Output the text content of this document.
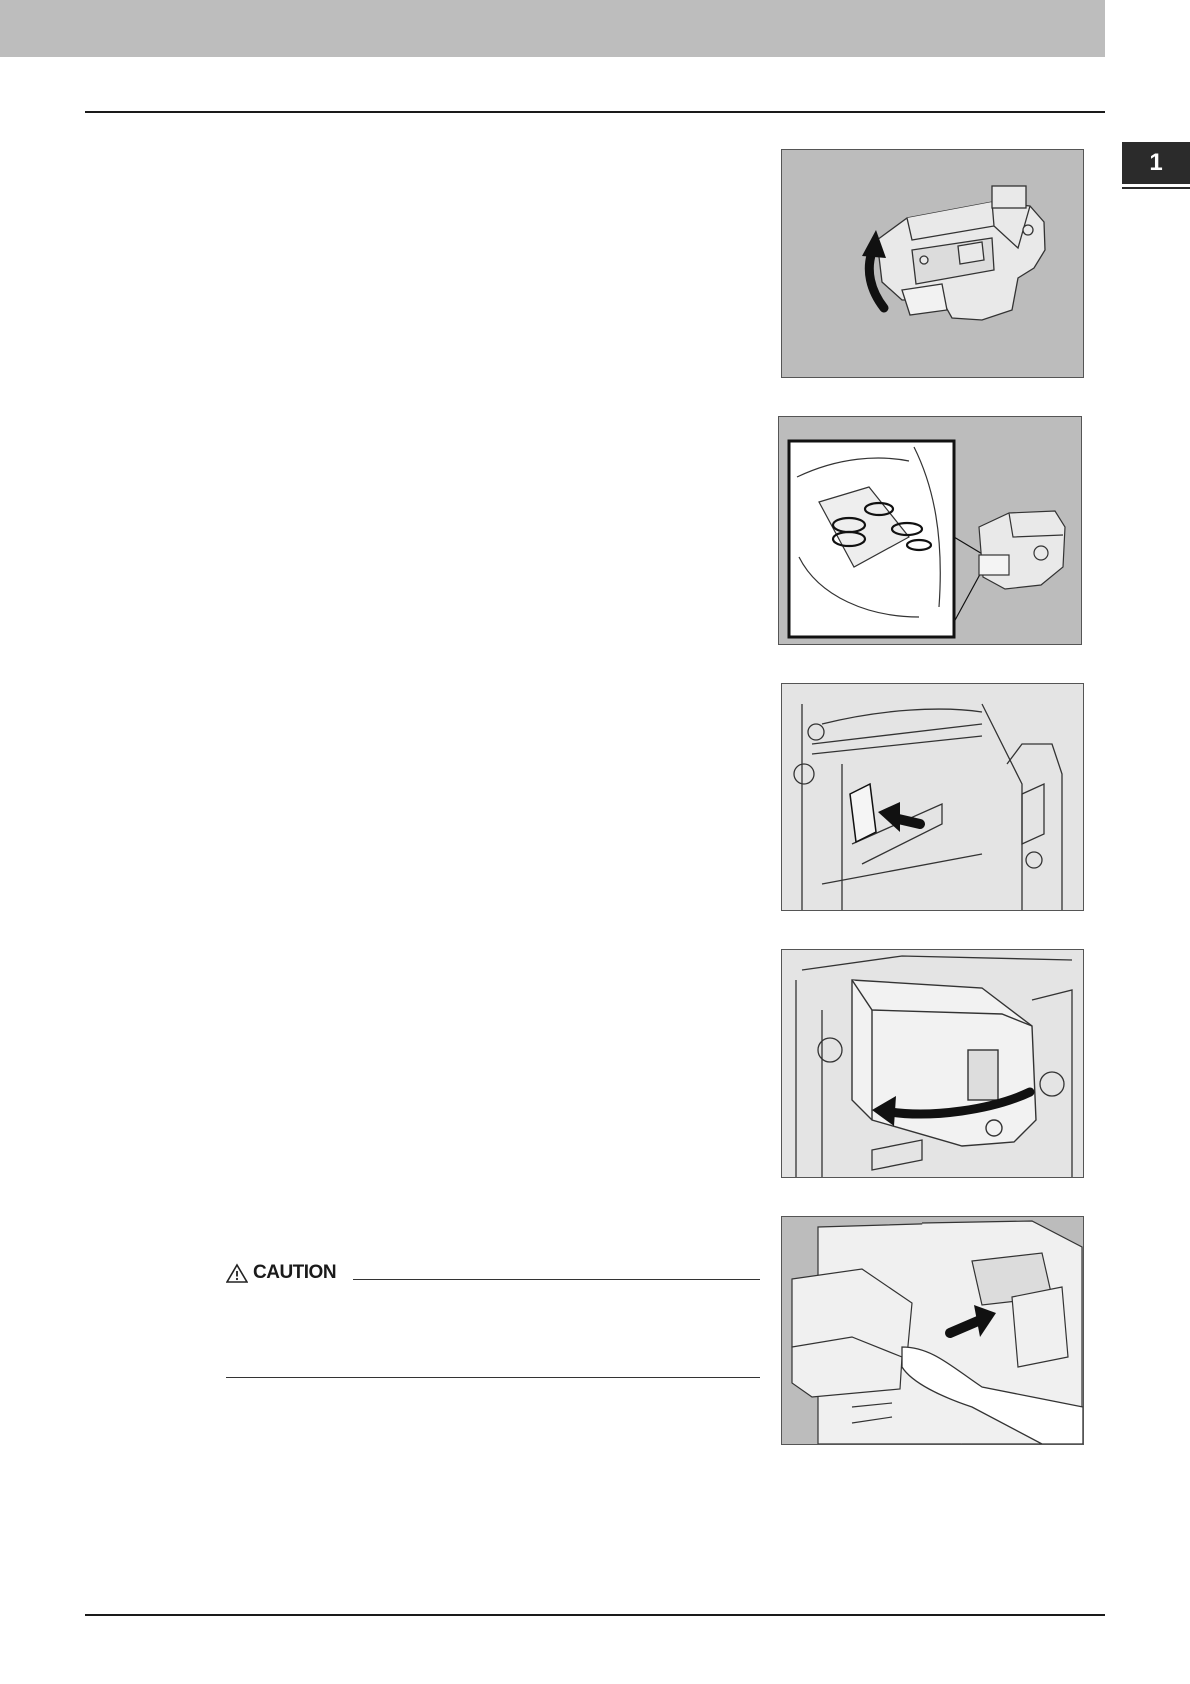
1
CAUTION
